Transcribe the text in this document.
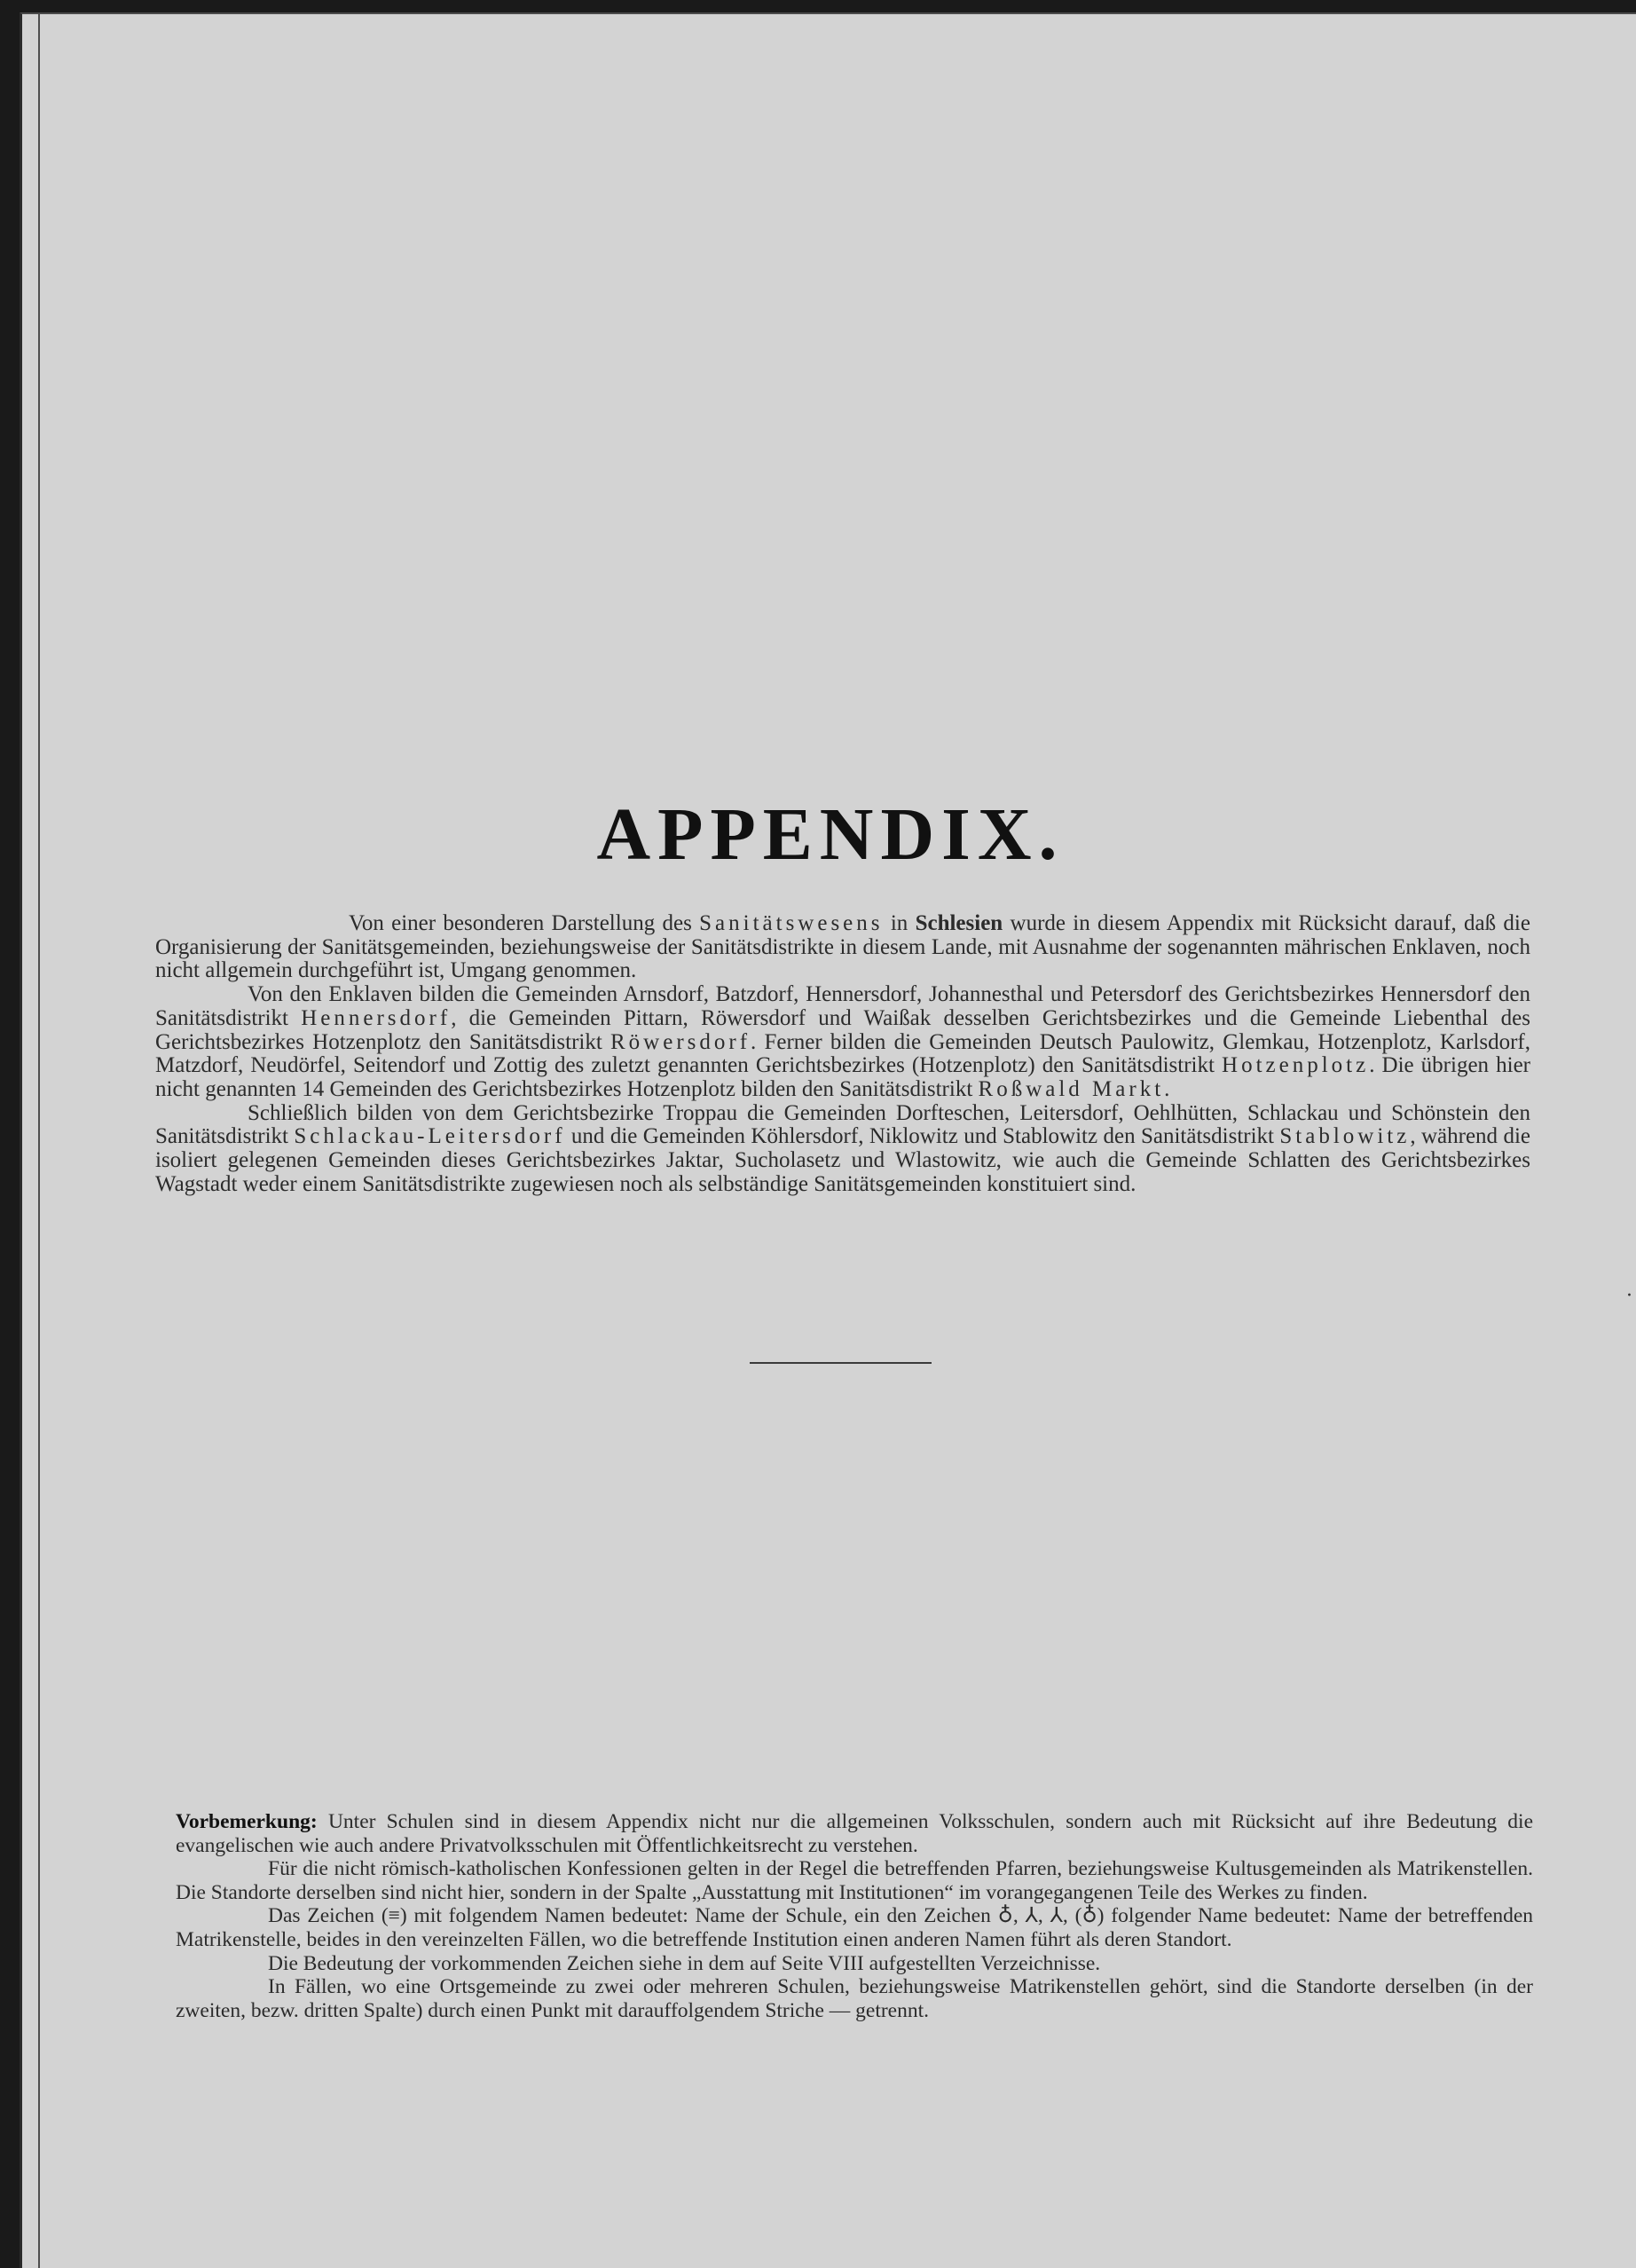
APPENDIX.

Von einer besonderen Darstellung des Sanitätswesens in Schlesien wurde in diesem Appendix mit Rücksicht darauf, daß die Organisierung der Sanitätsgemeinden, beziehungsweise der Sanitätsdistrikte in diesem Lande, mit Ausnahme der sogenannten mährischen Enklaven, noch nicht allgemein durchgeführt ist, Umgang genommen.

Von den Enklaven bilden die Gemeinden Arnsdorf, Batzdorf, Hennersdorf, Johannesthal und Petersdorf des Gerichtsbezirkes Hennersdorf den Sanitätsdistrikt Hennersdorf, die Gemeinden Pittarn, Röwersdorf und Waißak desselben Gerichtsbezirkes und die Gemeinde Liebenthal des Gerichtsbezirkes Hotzenplotz den Sanitätsdistrikt Röwersdorf. Ferner bilden die Gemeinden Deutsch Paulowitz, Glemkau, Hotzenplotz, Karlsdorf, Matzdorf, Neudörfel, Seitendorf und Zottig des zuletzt genannten Gerichtsbezirkes (Hotzenplotz) den Sanitätsdistrikt Hotzenplotz. Die übrigen hier nicht genannten 14 Gemeinden des Gerichtsbezirkes Hotzenplotz bilden den Sanitätsdistrikt Roßwald Markt.

Schließlich bilden von dem Gerichtsbezirke Troppau die Gemeinden Dorfteschen, Leitersdorf, Oehlhütten, Schlackau und Schönstein den Sanitätsdistrikt Schlackau-Leitersdorf und die Gemeinden Köhlersdorf, Niklowitz und Stablowitz den Sanitätsdistrikt Stablowitz, während die isoliert gelegenen Gemeinden dieses Gerichtsbezirkes Jaktar, Sucholasetz und Wlastowitz, wie auch die Gemeinde Schlatten des Gerichtsbezirkes Wagstadt weder einem Sanitätsdistrikte zugewiesen noch als selbständige Sanitätsgemeinden konstituiert sind.

·

Vorbemerkung: Unter Schulen sind in diesem Appendix nicht nur die allgemeinen Volksschulen, sondern auch mit Rücksicht auf ihre Bedeutung die evangelischen wie auch andere Privatvolksschulen mit Öffentlichkeitsrecht zu verstehen.

Für die nicht römisch-katholischen Konfessionen gelten in der Regel die betreffenden Pfarren, beziehungsweise Kultusgemeinden als Matrikenstellen. Die Standorte derselben sind nicht hier, sondern in der Spalte „Ausstattung mit Institutionen“ im vorangegangenen Teile des Werkes zu finden.

Das Zeichen (≡) mit folgendem Namen bedeutet: Name der Schule, ein den Zeichen ♁, ⅄, ⅄, (♁) folgender Name bedeutet: Name der betreffenden Matrikenstelle, beides in den vereinzelten Fällen, wo die betreffende Institution einen anderen Namen führt als deren Standort.

Die Bedeutung der vorkommenden Zeichen siehe in dem auf Seite VIII aufgestellten Verzeichnisse.

In Fällen, wo eine Ortsgemeinde zu zwei oder mehreren Schulen, beziehungsweise Matrikenstellen gehört, sind die Standorte derselben (in der zweiten, bezw. dritten Spalte) durch einen Punkt mit darauffolgendem Striche — getrennt.
